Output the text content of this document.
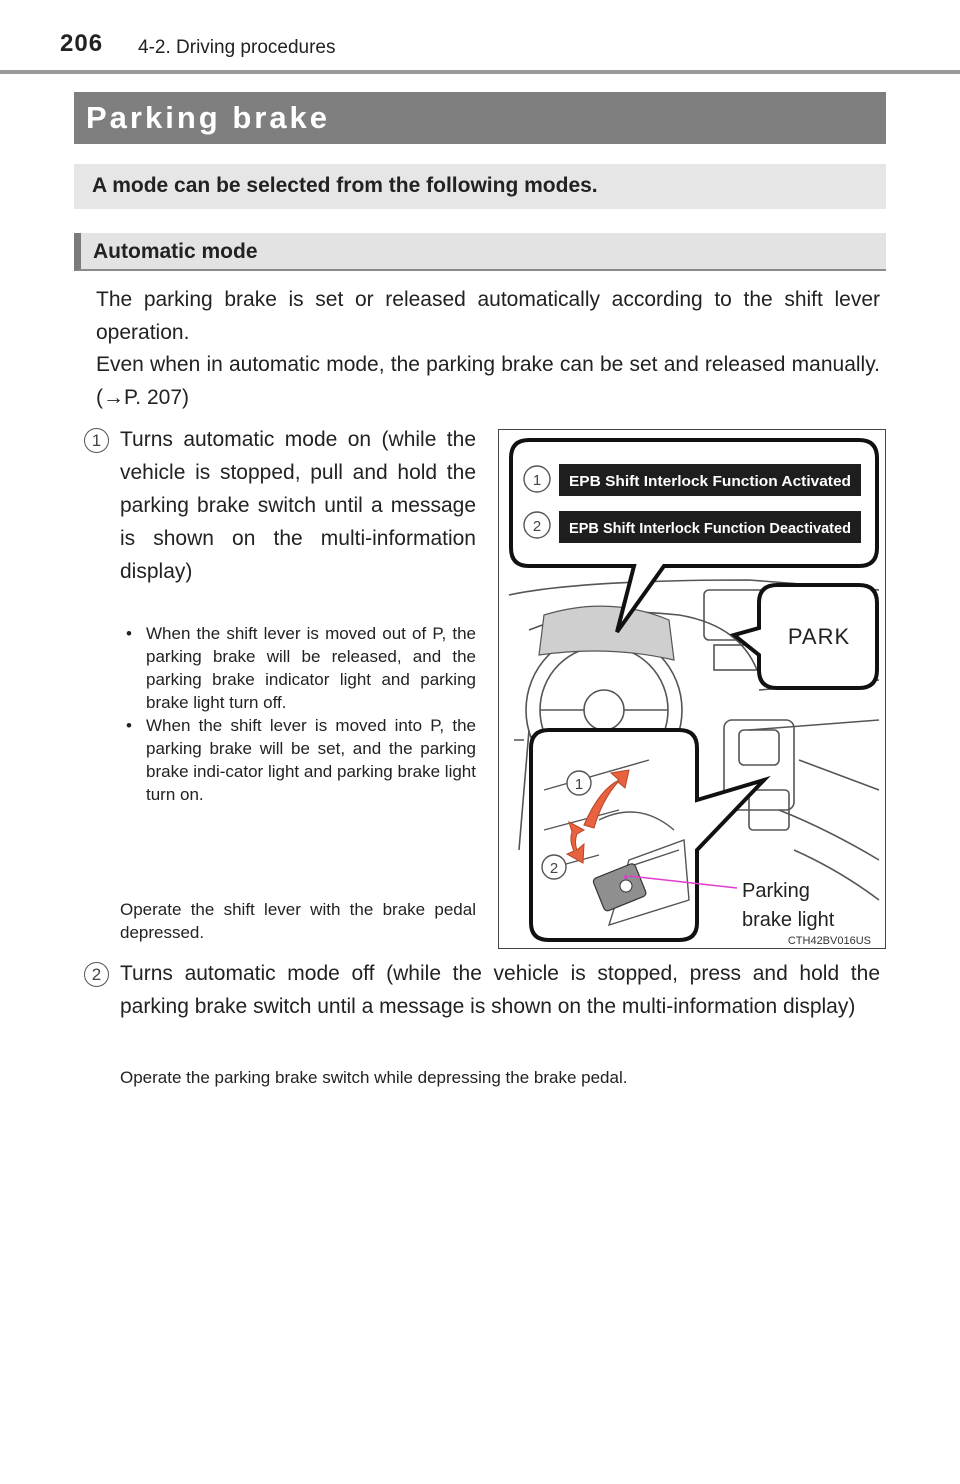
206 4-2. Driving procedures
Parking brake
A mode can be selected from the following modes.
Automatic mode
The parking brake is set or released automatically according to the shift lever operation.
Even when in automatic mode, the parking brake can be set and released manually. (→P. 207)
1 Turns automatic mode on (while the vehicle is stopped, pull and hold the parking brake switch until a message is shown on the multi-information display)
• When the shift lever is moved out of P, the parking brake will be released, and the parking brake indicator light and parking brake light turn off.
• When the shift lever is moved into P, the parking brake will be set, and the parking brake indi-cator light and parking brake light turn on.
Operate the shift lever with the brake pedal depressed.
1 EPB Shift Interlock Function Activated
2 EPB Shift Interlock Function Deactivated
PARK
1
2
Parking
brake light
CTH42BV016US
2 Turns automatic mode off (while the vehicle is stopped, press and hold the parking brake switch until a message is shown on the multi-information display)
Operate the parking brake switch while depressing the brake pedal.
